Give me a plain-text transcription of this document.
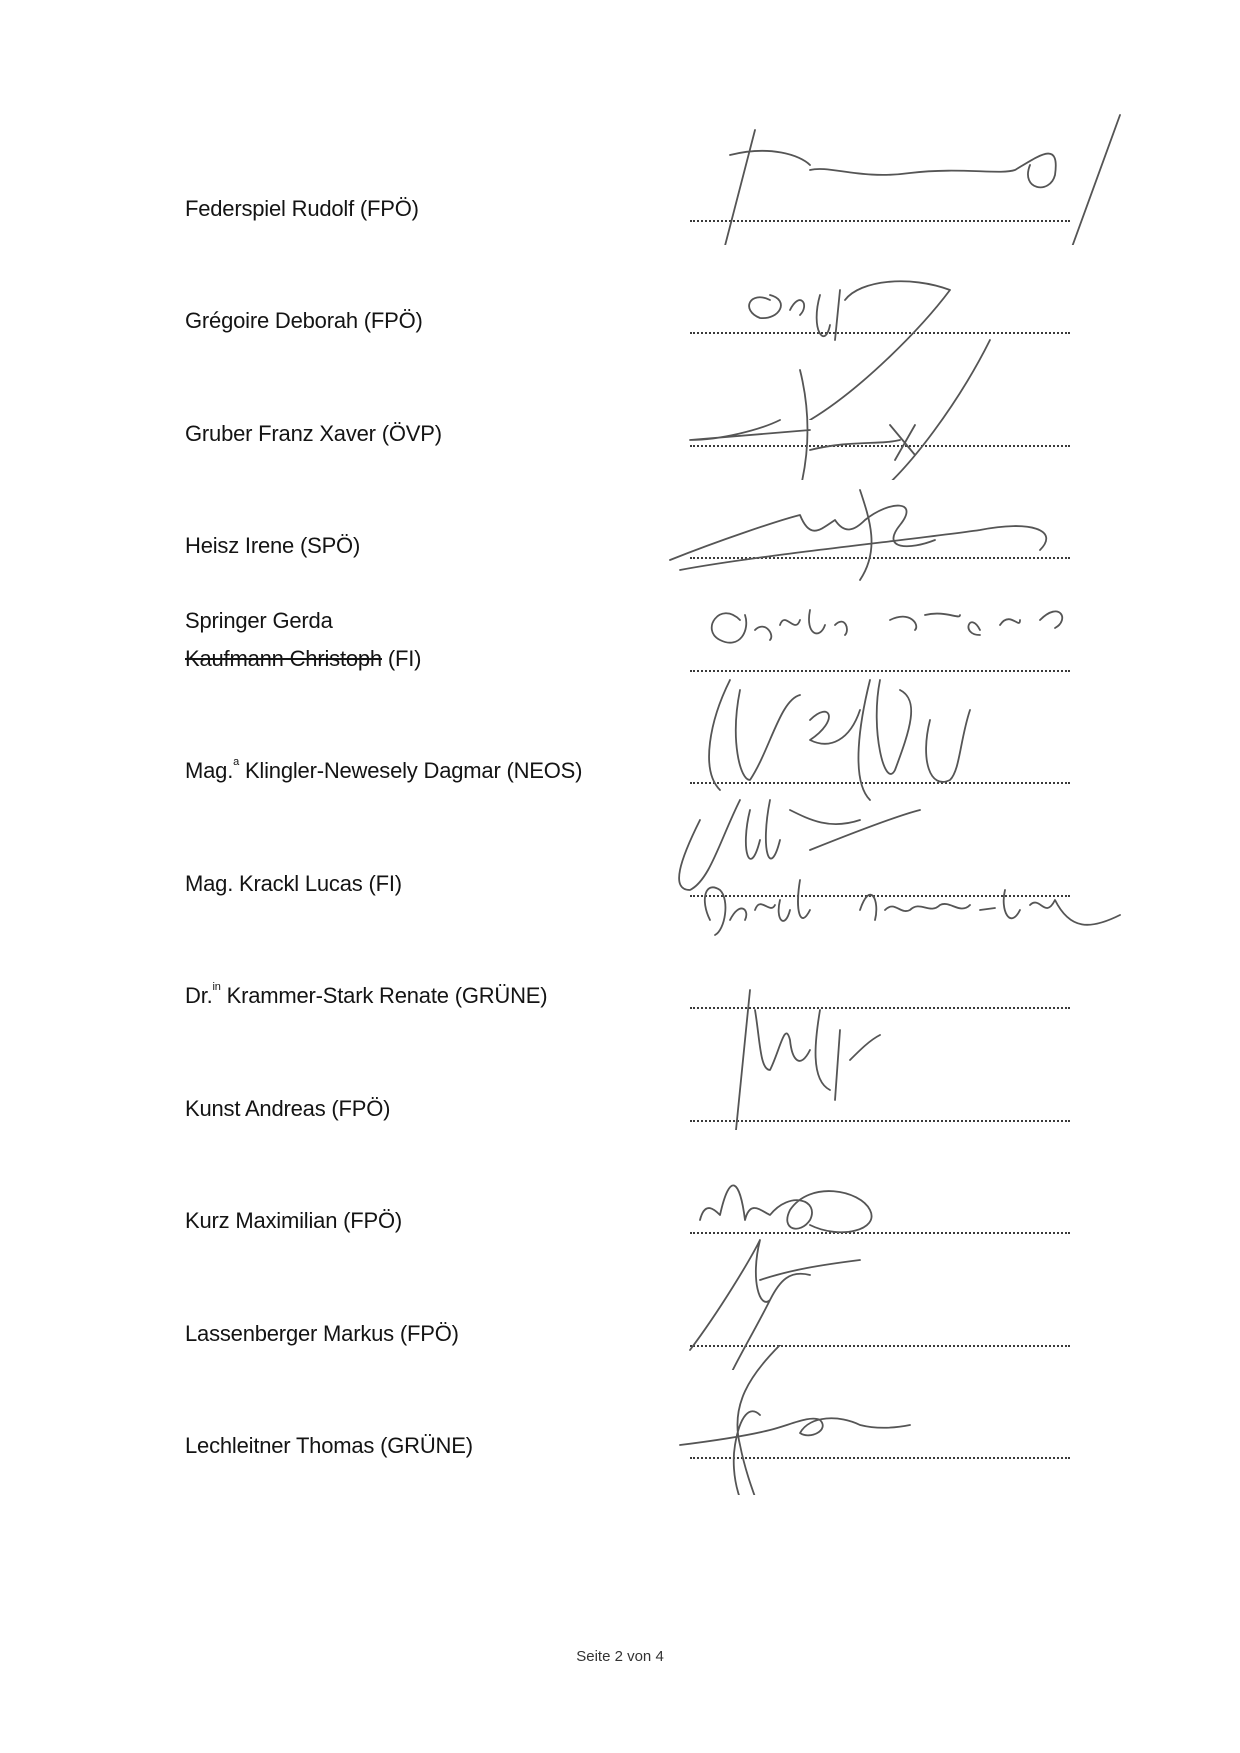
Federspiel Rudolf (FPÖ)
Grégoire Deborah (FPÖ)
Gruber Franz Xaver (ÖVP)
Heisz Irene (SPÖ)
Springer Gerda
Kaufmann Christoph (FI)
Mag.$^a$ Klingler-Newesely Dagmar (NEOS)
Mag. Krackl Lucas (FI)
Dr.$^{in}$ Krammer-Stark Renate (GRÜNE)
Kunst Andreas (FPÖ)
Kurz Maximilian (FPÖ)
Lassenberger Markus (FPÖ)
Lechleitner Thomas (GRÜNE)
Seite 2 von 4
